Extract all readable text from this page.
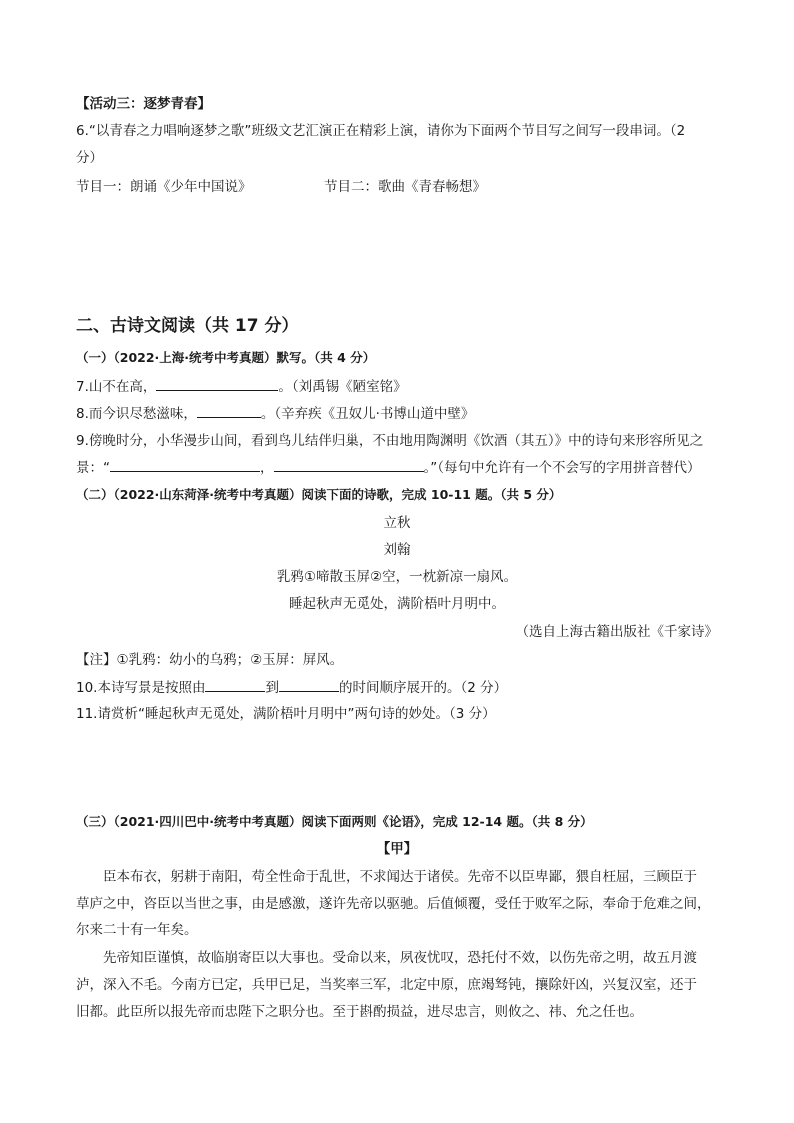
【活动三：逐梦青春】
6.“以青春之力唱响逐梦之歌”班级文艺汇演正在精彩上演，请你为下面两个节目写之间写一段串词。（2
分）
节目一：朗诵《少年中国说》	节目二：歌曲《青春畅想》
二、古诗文阅读（共 17 分）
（一）（2022·上海·统考中考真题）默写。（共 4 分）
7.山不在高，	。（刘禹锡《陋室铭》
8.而今识尽愁滋味，	。（辛弃疾《丑奴儿·书博山道中壁》
9.傍晚时分，小华漫步山间，看到鸟儿结伴归巢，不由地用陶渊明《饮酒（其五）》中的诗句来形容所见之
景：“	，	。”（每句中允许有一个不会写的字用拼音替代）
（二）（2022·山东菏泽·统考中考真题）阅读下面的诗歌，完成 10-11 题。（共 5 分）
立秋
刘翰
乳鸦①啼散玉屏②空，一枕新凉一扇风。
睡起秋声无觅处，满阶梧叶月明中。
（选自上海古籍出版社《千家诗》
【注】①乳鸦：幼小的乌鸦；②玉屏：屏风。
10.本诗写景是按照由	到	的时间顺序展开的。（2 分）
11.请赏析“睡起秋声无觅处，满阶梧叶月明中”两句诗的妙处。（3 分）
（三）（2021·四川巴中·统考中考真题）阅读下面两则《论语》，完成 12-14 题。（共 8 分）
【甲】
臣本布衣，躬耕于南阳，苟全性命于乱世，不求闻达于诸侯。先帝不以臣卑鄙，猥自枉屈，三顾臣于
草庐之中，咨臣以当世之事，由是感激，遂许先帝以驱驰。后值倾覆，受任于败军之际，奉命于危难之间，
尔来二十有一年矣。
先帝知臣谨慎，故临崩寄臣以大事也。受命以来，夙夜忧叹，恐托付不效，以伤先帝之明，故五月渡
泸，深入不毛。今南方已定，兵甲已足，当奖率三军，北定中原，庶竭驽钝，攘除奸凶，兴复汉室，还于
旧都。此臣所以报先帝而忠陛下之职分也。至于斟酌损益，进尽忠言，则攸之、祎、允之任也。
